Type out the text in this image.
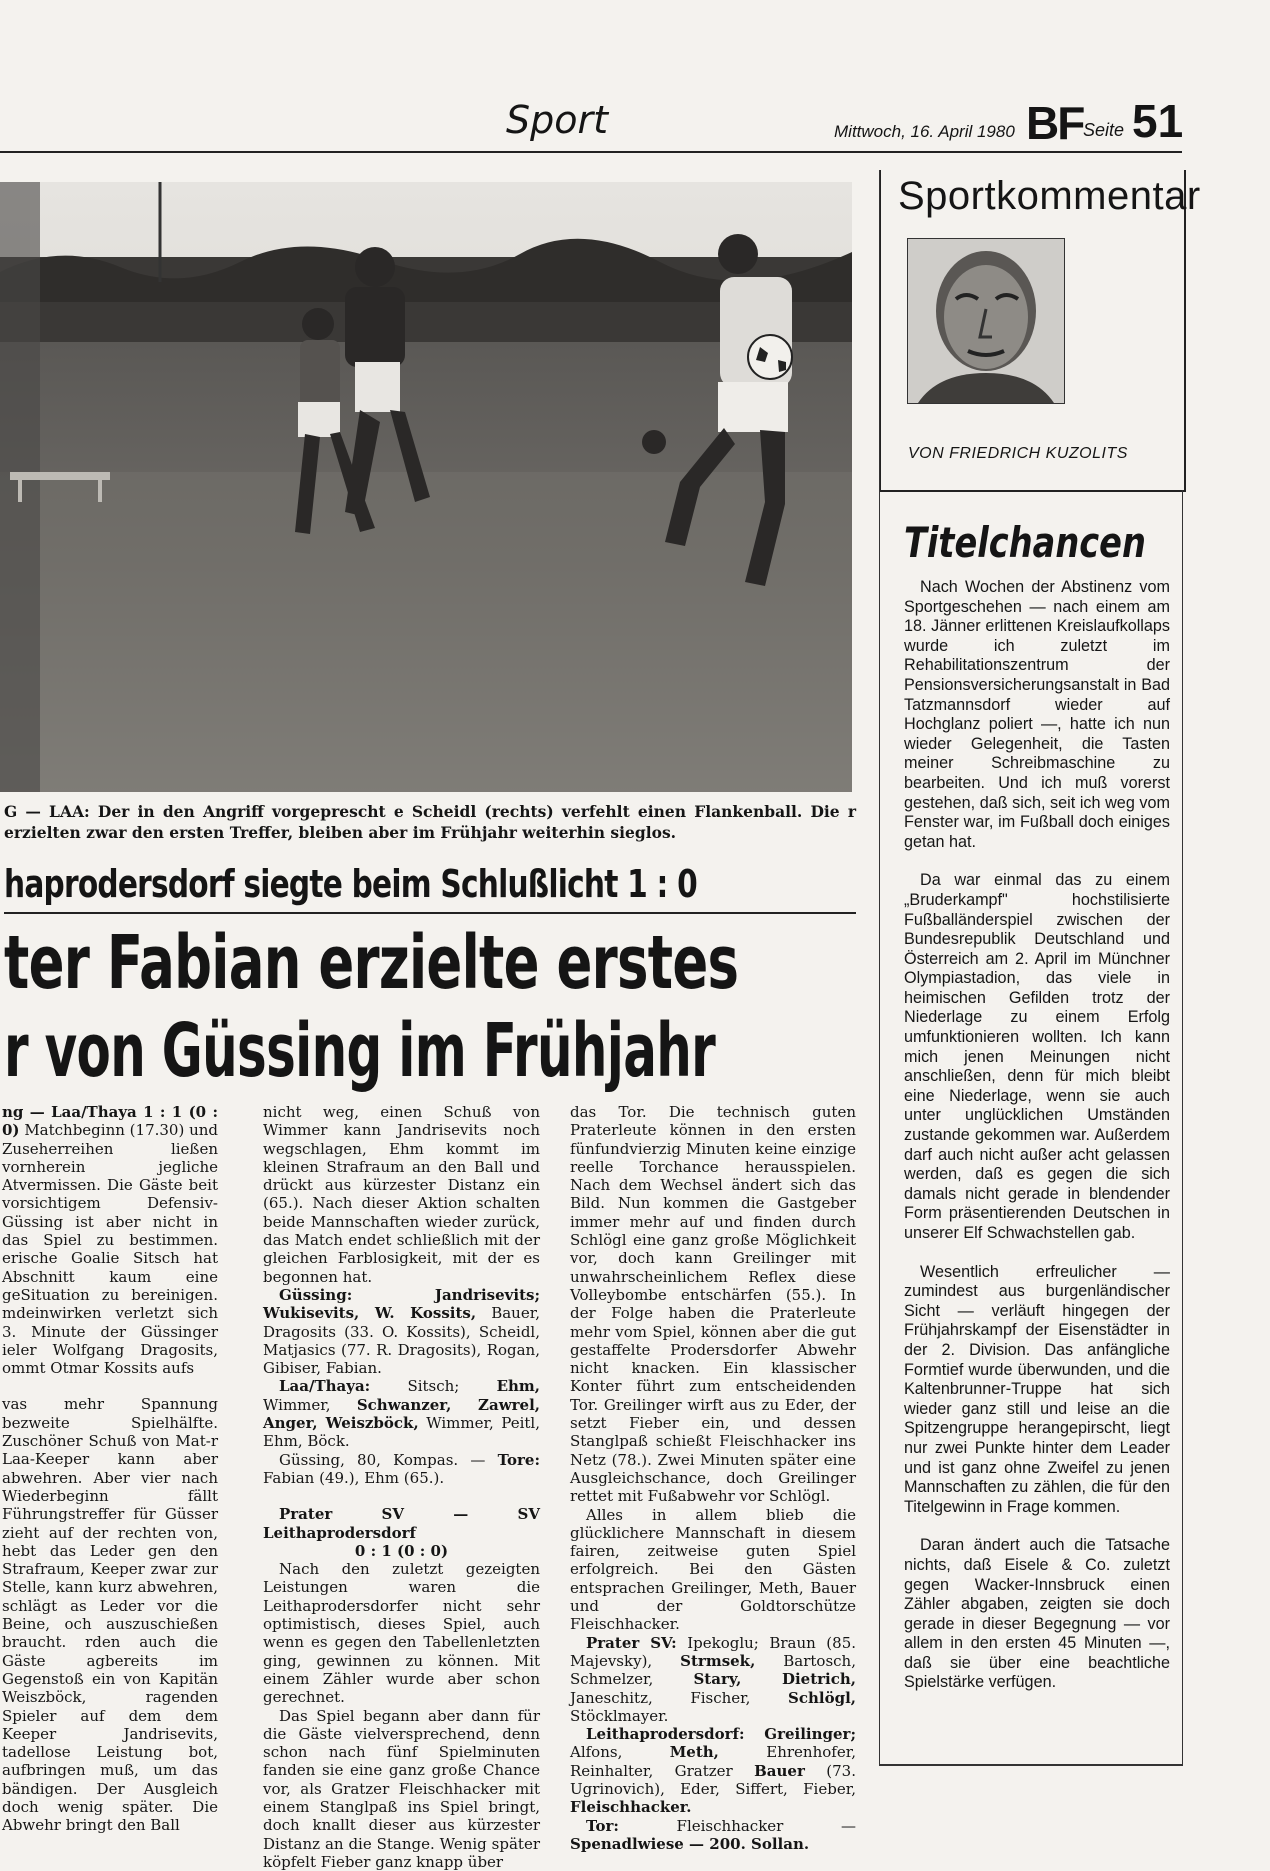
Sport	Mittwoch, 16. April 1980 BF Seite 51
G — LAA: Der in den Angriff vorgeprescht e Scheidl (rechts) verfehlt einen Flankenball. Die r erzielten zwar den ersten Treffer, bleiben aber im Frühjahr weiterhin sieglos.
haprodersdorf siegte beim Schlußlicht 1 : 0
ter Fabian erzielte erstes
r von Güssing im Frühjahr

ng — Laa/Thaya 1 : 1 (0 : 0) Matchbeginn (17.30) und Zuseherreihen ließen vornherein jegliche Atvermissen. Die Gäste beit vorsichtigem Defensiv-Güssing ist aber nicht in das Spiel zu bestimmen. erische Goalie Sitsch hat Abschnitt kaum eine geSituation zu bereinigen. mdeinwirken verletzt sich 3. Minute der Güssinger ieler Wolfgang Dragosits, ommt Otmar Kossits aufs

vas mehr Spannung bezweite Spielhälfte. Zuschöner Schuß von Mat-r Laa-Keeper kann aber abwehren. Aber vier nach Wiederbeginn fällt Führungstreffer für Güsser zieht auf der rechten von, hebt das Leder gen den Strafraum, Keeper zwar zur Stelle, kann kurz abwehren, schlägt as Leder vor die Beine, och auszuschießen braucht. rden auch die Gäste agbereits im Gegenstoß ein von Kapitän Weiszböck, ragenden Spieler auf dem dem Keeper Jandrisevits, tadellose Leistung bot, aufbringen muß, um das bändigen. Der Ausgleich doch wenig später. Die Abwehr bringt den Ball

nicht weg, einen Schuß von Wimmer kann Jandrisevits noch wegschlagen, Ehm kommt im kleinen Strafraum an den Ball und drückt aus kürzester Distanz ein (65.). Nach dieser Aktion schalten beide Mannschaften wieder zurück, das Match endet schließlich mit der gleichen Farblosigkeit, mit der es begonnen hat.

Güssing: Jandrisevits; Wukisevits, W. Kossits, Bauer, Dragosits (33. O. Kossits), Scheidl, Matjasics (77. R. Dragosits), Rogan, Gibiser, Fabian.

Laa/Thaya: Sitsch; Ehm, Wimmer, Schwanzer, Zawrel, Anger, Weiszböck, Wimmer, Peitl, Ehm, Böck.

Güssing, 80, Kompas. — Tore: Fabian (49.), Ehm (65.).

Prater SV — SV Leithaprodersdorf

0 : 1 (0 : 0)

Nach den zuletzt gezeigten Leistungen waren die Leithaprodersdorfer nicht sehr optimistisch, dieses Spiel, auch wenn es gegen den Tabellenletzten ging, gewinnen zu können. Mit einem Zähler wurde aber schon gerechnet.

Das Spiel begann aber dann für die Gäste vielversprechend, denn schon nach fünf Spielminuten fanden sie eine ganz große Chance vor, als Gratzer Fleischhacker mit einem Stanglpaß ins Spiel bringt, doch knallt dieser aus kürzester Distanz an die Stange. Wenig später köpfelt Fieber ganz knapp über

das Tor. Die technisch guten Praterleute können in den ersten fünfundvierzig Minuten keine einzige reelle Torchance herausspielen. Nach dem Wechsel ändert sich das Bild. Nun kommen die Gastgeber immer mehr auf und finden durch Schlögl eine ganz große Möglichkeit vor, doch kann Greilinger mit unwahrscheinlichem Reflex diese Volleybombe entschärfen (55.). In der Folge haben die Praterleute mehr vom Spiel, können aber die gut gestaffelte Prodersdorfer Abwehr nicht knacken. Ein klassischer Konter führt zum entscheidenden Tor. Greilinger wirft aus zu Eder, der setzt Fieber ein, und dessen Stanglpaß schießt Fleischhacker ins Netz (78.). Zwei Minuten später eine Ausgleichschance, doch Greilinger rettet mit Fußabwehr vor Schlögl.

Alles in allem blieb die glücklichere Mannschaft in diesem fairen, zeitweise guten Spiel erfolgreich. Bei den Gästen entsprachen Greilinger, Meth, Bauer und der Goldtorschütze Fleischhacker.

Prater SV: Ipekoglu; Braun (85. Majevsky), Strmsek, Bartosch, Schmelzer, Stary, Dietrich, Janeschitz, Fischer, Schlögl, Stöcklmayer.

Leithaprodersdorf: Greilinger; Alfons, Meth, Ehrenhofer, Reinhalter, Gratzer Bauer (73. Ugrinovich), Eder, Siffert, Fieber, Fleischhacker.

Tor: Fleischhacker — Spenadlwiese — 200. Sollan.

Sportkommentar
VON FRIEDRICH KUZOLITS
Titelchancen

Nach Wochen der Abstinenz vom Sportgeschehen — nach einem am 18. Jänner erlittenen Kreislaufkollaps wurde ich zuletzt im Rehabilitationszentrum der Pensionsversicherungsanstalt in Bad Tatzmannsdorf wieder auf Hochglanz poliert —, hatte ich nun wieder Gelegenheit, die Tasten meiner Schreibmaschine zu bearbeiten. Und ich muß vorerst gestehen, daß sich, seit ich weg vom Fenster war, im Fußball doch einiges getan hat.

Da war einmal das zu einem „Bruderkampf" hochstilisierte Fußballänderspiel zwischen der Bundesrepublik Deutschland und Österreich am 2. April im Münchner Olympiastadion, das viele in heimischen Gefilden trotz der Niederlage zu einem Erfolg umfunktionieren wollten. Ich kann mich jenen Meinungen nicht anschließen, denn für mich bleibt eine Niederlage, wenn sie auch unter unglücklichen Umständen zustande gekommen war. Außerdem darf auch nicht außer acht gelassen werden, daß es gegen die sich damals nicht gerade in blendender Form präsentierenden Deutschen in unserer Elf Schwachstellen gab.

Wesentlich erfreulicher — zumindest aus burgenländischer Sicht — verläuft hingegen der Frühjahrskampf der Eisenstädter in der 2. Division. Das anfängliche Formtief wurde überwunden, und die Kaltenbrunner-Truppe hat sich wieder ganz still und leise an die Spitzengruppe herangepirscht, liegt nur zwei Punkte hinter dem Leader und ist ganz ohne Zweifel zu jenen Mannschaften zu zählen, die für den Titelgewinn in Frage kommen.

Daran ändert auch die Tatsache nichts, daß Eisele & Co. zuletzt gegen Wacker-Innsbruck einen Zähler abgaben, zeigten sie doch gerade in dieser Begegnung — vor allem in den ersten 45 Minuten —, daß sie über eine beachtliche Spielstärke verfügen.
